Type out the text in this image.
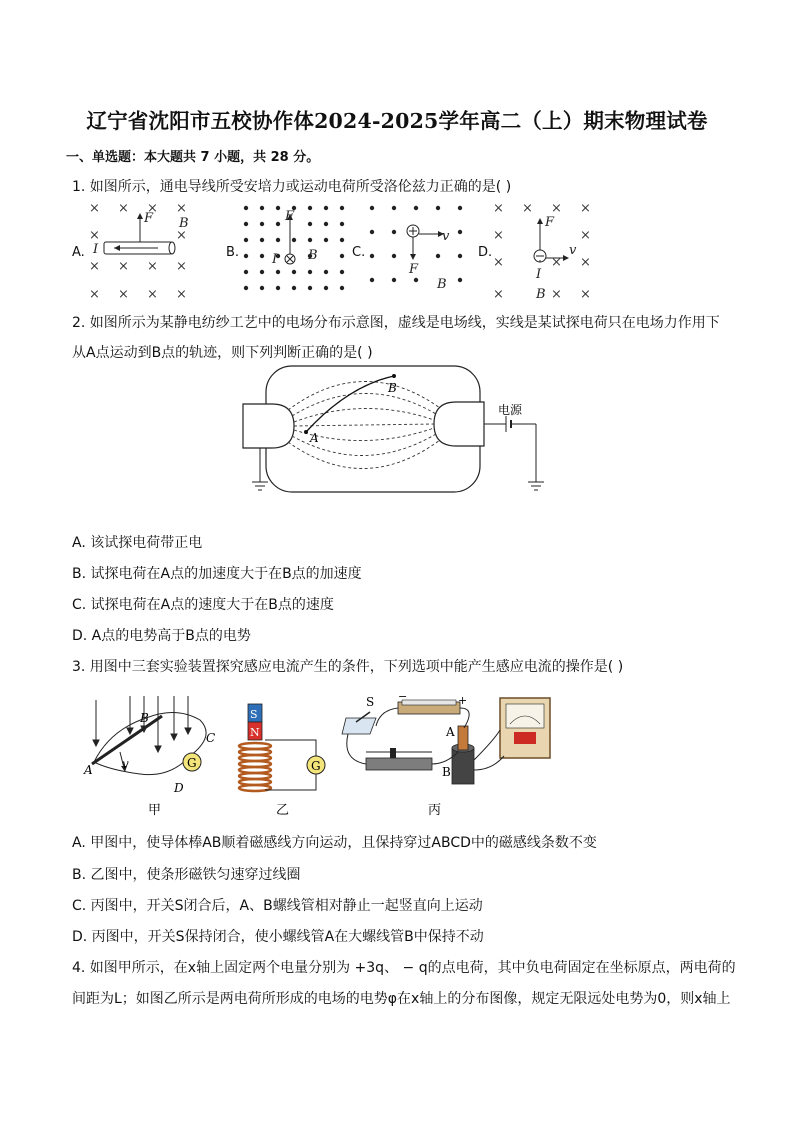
辽宁省沈阳市五校协作体2024-2025学年高二（上）期末物理试卷
一、单选题：本大题共 7 小题，共 28 分。
1. 如图所示，通电导线所受安培力或运动电荷所受洛伦兹力正确的是( )
A.	B.	C.	D.
× × × ×
×	×
× × × ×
× × × ×
F B
I
F
I B
v
F
B
× × × ×
×	×
×	× ×
×	× ×
F
v
I
B
2. 如图所示为某静电纺纱工艺中的电场分布示意图，虚线是电场线，实线是某试探电荷只在电场力作用下
从A点运动到B点的轨迹，则下列判断正确的是( )
A
B
电源
A. 该试探电荷带正电
B. 试探电荷在A点的加速度大于在B点的加速度
C. 试探电荷在A点的速度大于在B点的速度
D. A点的电势高于B点的电势
3. 用图中三套实验装置探究感应电流产生的条件，下列选项中能产生感应电流的操作是( )
G
A
B
C
D
v
甲
S
N
G
乙
S −	+
A
B
丙
A. 甲图中，使导体棒AB顺着磁感线方向运动，且保持穿过ABCD中的磁感线条数不变
B. 乙图中，使条形磁铁匀速穿过线圈
C. 丙图中，开关S闭合后，A、B螺线管相对静止一起竖直向上运动
D. 丙图中，开关S保持闭合，使小螺线管A在大螺线管B中保持不动
4. 如图甲所示，在x轴上固定两个电量分别为 +3q、 − q的点电荷，其中负电荷固定在坐标原点，两电荷的
间距为L；如图乙所示是两电荷所形成的电场的电势φ在x轴上的分布图像，规定无限远处电势为0，则x轴上
